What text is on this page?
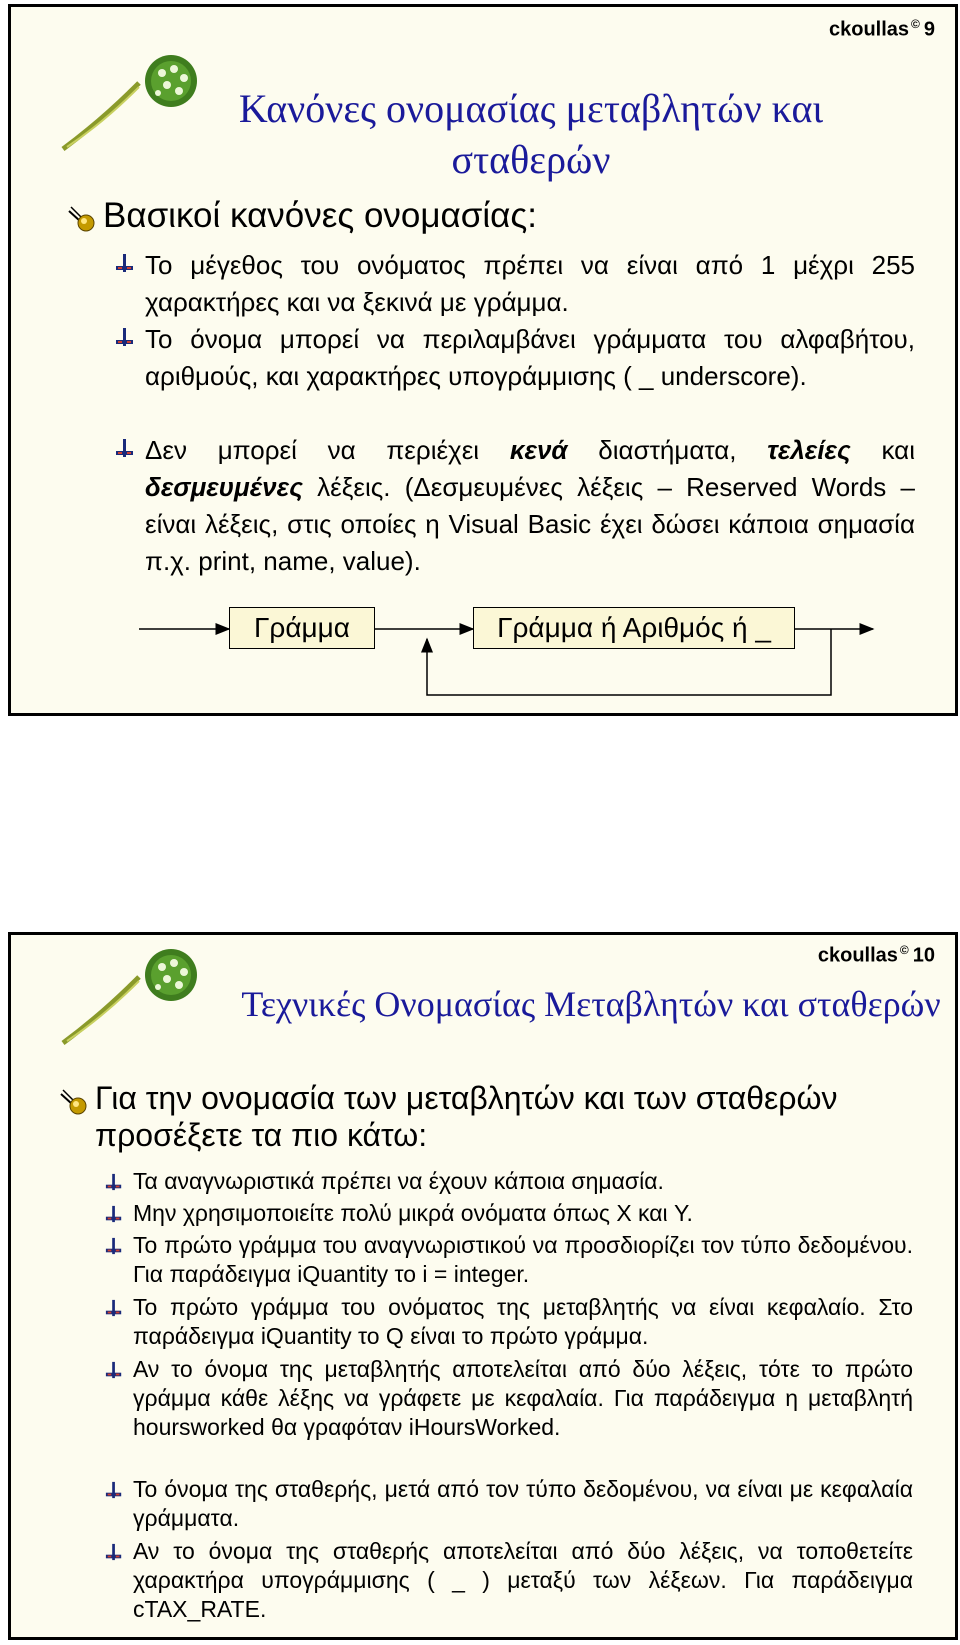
ckoullas © 9
Κανόνες ονομασίας μεταβλητών και σταθερών
Βασικοί κανόνες ονομασίας:
Το μέγεθος του ονόματος πρέπει να είναι από 1 μέχρι 255 χαρακτήρες και να ξεκινά με γράμμα.
Το όνομα μπορεί να περιλαμβάνει γράμματα του αλφαβήτου, αριθμούς, και χαρακτήρες υπογράμμισης ( _ underscore).
Δεν μπορεί να περιέχει κενά διαστήματα, τελείες και δεσμευμένες λέξεις. (Δεσμευμένες λέξεις – Reserved Words – είναι λέξεις, στις οποίες η Visual Basic έχει δώσει κάποια σημασία π.χ. print, name, value).
Γράμμα	Γράμμα ή Αριθμός ή _
ckoullas © 10
Τεχνικές Ονομασίας Μεταβλητών και σταθερών
Για την ονομασία των μεταβλητών και των σταθερών προσέξετε τα πιο κάτω:
Τα αναγνωριστικά πρέπει να έχουν κάποια σημασία.
Μην χρησιμοποιείτε πολύ μικρά ονόματα όπως X και Y.
Το πρώτο γράμμα του αναγνωριστικού να προσδιορίζει τον τύπο δεδομένου. Για παράδειγμα iQuantity το i = integer.
Το πρώτο γράμμα του ονόματος της μεταβλητής να είναι κεφαλαίο. Στο παράδειγμα iQuantity το Q είναι το πρώτο γράμμα.
Αν το όνομα της μεταβλητής αποτελείται από δύο λέξεις, τότε το πρώτο γράμμα κάθε λέξης να γράφετε με κεφαλαία. Για παράδειγμα η μεταβλητή hoursworked θα γραφόταν iHoursWorked.
Το όνομα της σταθερής, μετά από τον τύπο δεδομένου, να είναι με κεφαλαία γράμματα.
Αν το όνομα της σταθερής αποτελείται από δύο λέξεις, να τοποθετείτε χαρακτήρα υπογράμμισης ( _ ) μεταξύ των λέξεων. Για παράδειγμα cTAX_RATE.
